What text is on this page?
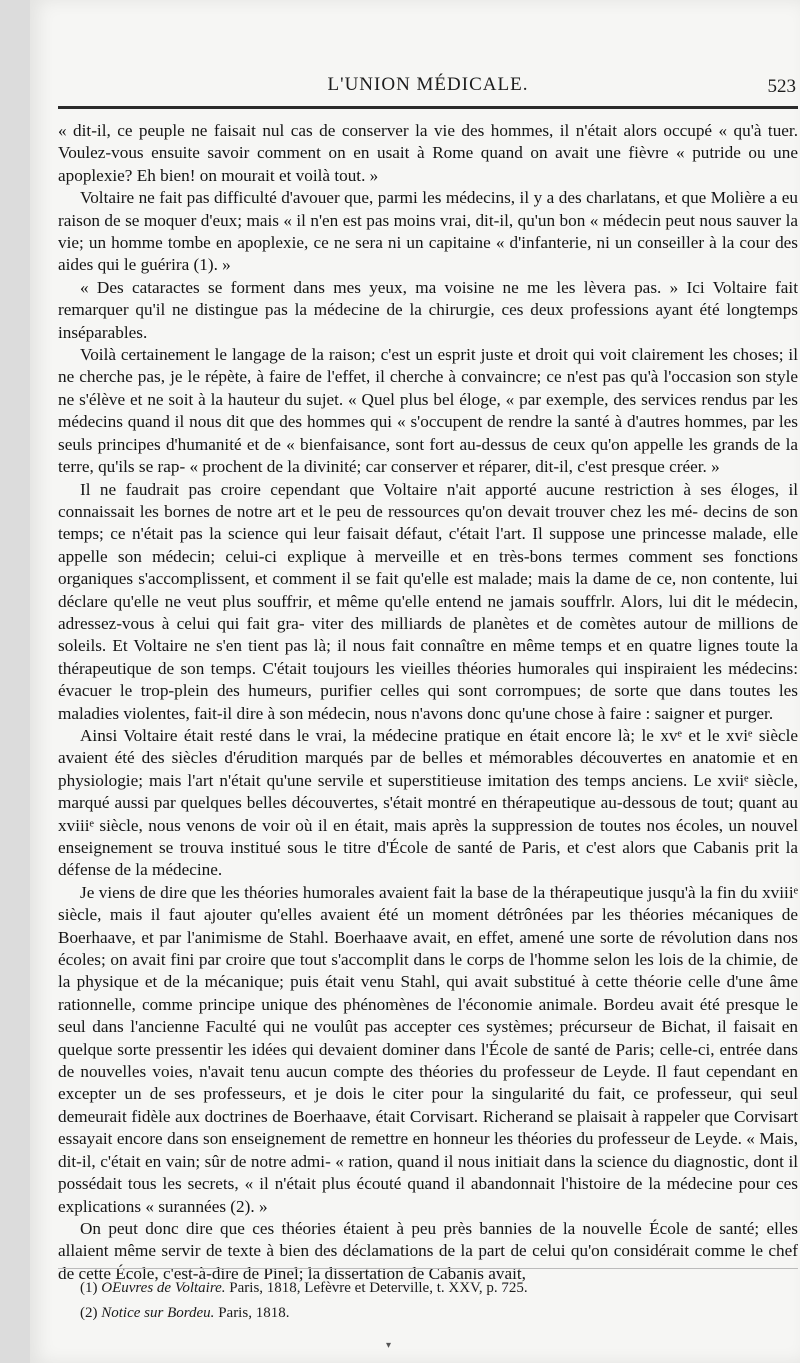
L'UNION MÉDICALE.	523

« dit-il, ce peuple ne faisait nul cas de conserver la vie des hommes, il n'était alors occupé « qu'à tuer. Voulez-vous ensuite savoir comment on en usait à Rome quand on avait une fièvre « putride ou une apoplexie? Eh bien! on mourait et voilà tout. »

Voltaire ne fait pas difficulté d'avouer que, parmi les médecins, il y a des charlatans, et que Molière a eu raison de se moquer d'eux; mais « il n'en est pas moins vrai, dit-il, qu'un bon « médecin peut nous sauver la vie; un homme tombe en apoplexie, ce ne sera ni un capitaine « d'infanterie, ni un conseiller à la cour des aides qui le guérira (1). »

« Des cataractes se forment dans mes yeux, ma voisine ne me les lèvera pas. » Ici Voltaire fait remarquer qu'il ne distingue pas la médecine de la chirurgie, ces deux professions ayant été longtemps inséparables.

Voilà certainement le langage de la raison; c'est un esprit juste et droit qui voit clairement les choses; il ne cherche pas, je le répète, à faire de l'effet, il cherche à convaincre; ce n'est pas qu'à l'occasion son style ne s'élève et ne soit à la hauteur du sujet. « Quel plus bel éloge, « par exemple, des services rendus par les médecins quand il nous dit que des hommes qui « s'occupent de rendre la santé à d'autres hommes, par les seuls principes d'humanité et de « bienfaisance, sont fort au-dessus de ceux qu'on appelle les grands de la terre, qu'ils se rap- « prochent de la divinité; car conserver et réparer, dit-il, c'est presque créer. »

Il ne faudrait pas croire cependant que Voltaire n'ait apporté aucune restriction à ses éloges, il connaissait les bornes de notre art et le peu de ressources qu'on devait trouver chez les mé- decins de son temps; ce n'était pas la science qui leur faisait défaut, c'était l'art. Il suppose une princesse malade, elle appelle son médecin; celui-ci explique à merveille et en très-bons termes comment ses fonctions organiques s'accomplissent, et comment il se fait qu'elle est malade; mais la dame de ce, non contente, lui déclare qu'elle ne veut plus souffrir, et même qu'elle entend ne jamais souffrlr. Alors, lui dit le médecin, adressez-vous à celui qui fait gra- viter des milliards de planètes et de comètes autour de millions de soleils. Et Voltaire ne s'en tient pas là; il nous fait connaître en même temps et en quatre lignes toute la thérapeutique de son temps. C'était toujours les vieilles théories humorales qui inspiraient les médecins: évacuer le trop-plein des humeurs, purifier celles qui sont corrompues; de sorte que dans toutes les maladies violentes, fait-il dire à son médecin, nous n'avons donc qu'une chose à faire : saigner et purger.

Ainsi Voltaire était resté dans le vrai, la médecine pratique en était encore là; le xvᵉ et le xviᵉ siècle avaient été des siècles d'érudition marqués par de belles et mémorables découvertes en anatomie et en physiologie; mais l'art n'était qu'une servile et superstitieuse imitation des temps anciens. Le xviiᵉ siècle, marqué aussi par quelques belles découvertes, s'était montré en thérapeutique au-dessous de tout; quant au xviiiᵉ siècle, nous venons de voir où il en était, mais après la suppression de toutes nos écoles, un nouvel enseignement se trouva institué sous le titre d'École de santé de Paris, et c'est alors que Cabanis prit la défense de la médecine.

Je viens de dire que les théories humorales avaient fait la base de la thérapeutique jusqu'à la fin du xviiiᵉ siècle, mais il faut ajouter qu'elles avaient été un moment détrônées par les théories mécaniques de Boerhaave, et par l'animisme de Stahl. Boerhaave avait, en effet, amené une sorte de révolution dans nos écoles; on avait fini par croire que tout s'accomplit dans le corps de l'homme selon les lois de la chimie, de la physique et de la mécanique; puis était venu Stahl, qui avait substitué à cette théorie celle d'une âme rationnelle, comme principe unique des phénomènes de l'économie animale. Bordeu avait été presque le seul dans l'ancienne Faculté qui ne voulût pas accepter ces systèmes; précurseur de Bichat, il faisait en quelque sorte pressentir les idées qui devaient dominer dans l'École de santé de Paris; celle-ci, entrée dans de nouvelles voies, n'avait tenu aucun compte des théories du professeur de Leyde. Il faut cependant en excepter un de ses professeurs, et je dois le citer pour la singularité du fait, ce professeur, qui seul demeurait fidèle aux doctrines de Boerhaave, était Corvisart. Richerand se plaisait à rappeler que Corvisart essayait encore dans son enseignement de remettre en honneur les théories du professeur de Leyde. « Mais, dit-il, c'était en vain; sûr de notre admi- « ration, quand il nous initiait dans la science du diagnostic, dont il possédait tous les secrets, « il n'était plus écouté quand il abandonnait l'histoire de la médecine pour ces explications « surannées (2). »

On peut donc dire que ces théories étaient à peu près bannies de la nouvelle École de santé; elles allaient même servir de texte à bien des déclamations de la part de celui qu'on considérait comme le chef de cette École, c'est-à-dire de Pinel; la dissertation de Cabanis avait,

(1) OEuvres de Voltaire. Paris, 1818, Lefèvre et Deterville, t. XXV, p. 725.

(2) Notice sur Bordeu. Paris, 1818.

▾
